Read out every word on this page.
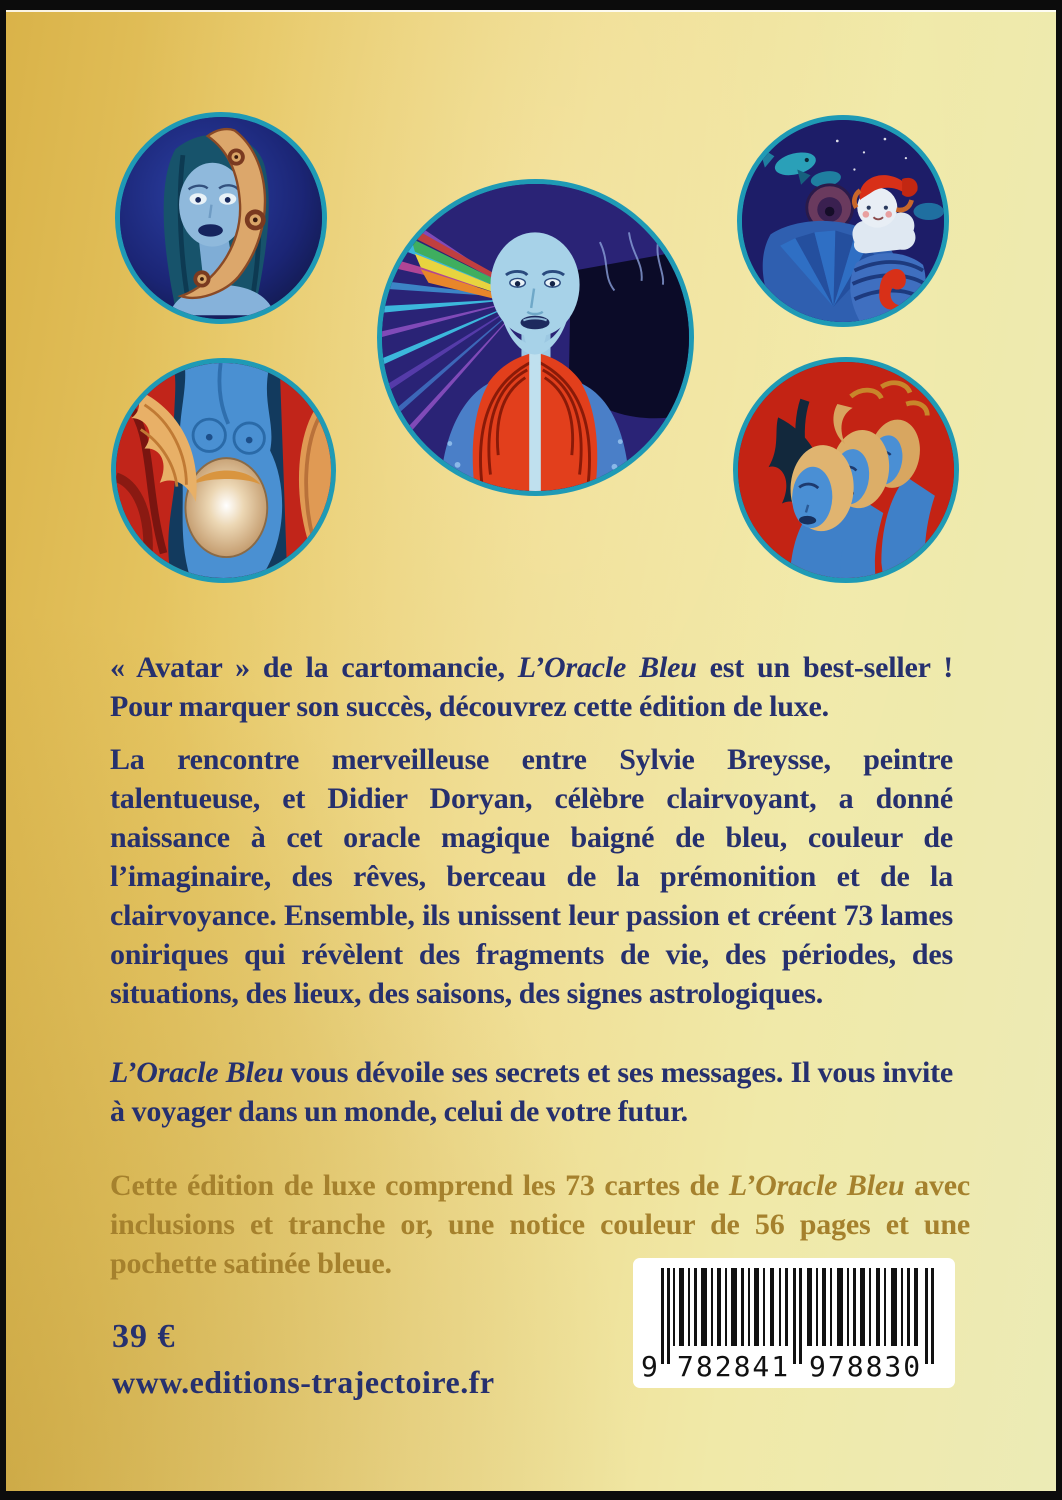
« Avatar » de la cartomancie, L’Oracle Bleu est un best-seller ! Pour marquer son succès, découvrez cette édition de luxe.

La rencontre merveilleuse entre Sylvie Breysse, peintre talentueuse, et Didier Doryan, célèbre clairvoyant, a donné naissance à cet oracle magique baigné de bleu, couleur de l’imaginaire, des rêves, berceau de la prémonition et de la clairvoyance. Ensemble, ils unissent leur passion et créent 73 lames oniriques qui révèlent des fragments de vie, des périodes, des situations, des lieux, des saisons, des signes astrologiques.

L’Oracle Bleu vous dévoile ses secrets et ses messages. Il vous invite à voyager dans un monde, celui de votre futur.

Cette édition de luxe comprend les 73 cartes de L’Oracle Bleu avec inclusions et tranche or, une notice couleur de 56 pages et une pochette satinée bleue.

39 €
www.editions-trajectoire.fr	9 782841 978830
